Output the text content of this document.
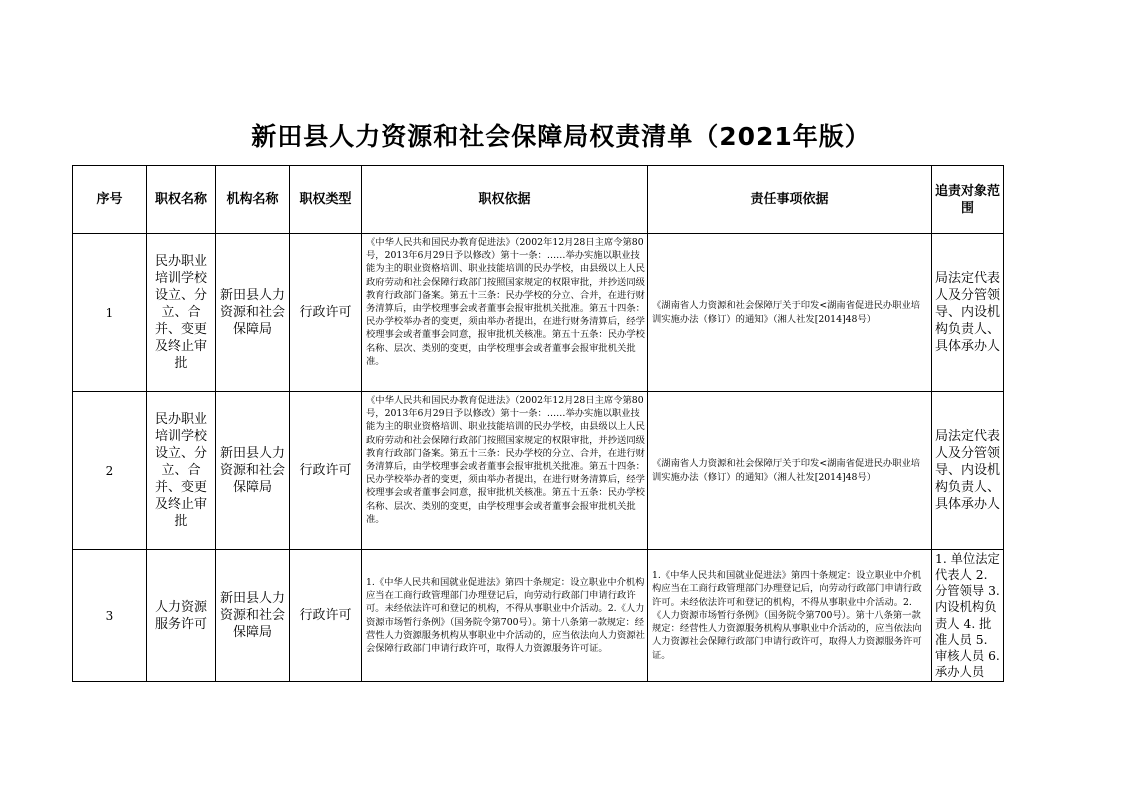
新田县人力资源和社会保障局权责清单（2021年版）
序号	职权名称	机构名称	职权类型	职权依据	责任事项依据	追责对象范围

1	民办职业培训学校设立、分立、合并、变更及终止审批	新田县人力资源和社会保障局	行政许可	《中华人民共和国民办教育促进法》（2002年12月28日主席令第80号，2013年6月29日予以修改）第十一条：……举办实施以职业技能为主的职业资格培训、职业技能培训的民办学校，由县级以上人民政府劳动和社会保障行政部门按照国家规定的权限审批，并抄送同级教育行政部门备案。第五十三条：民办学校的分立、合并，在进行财务清算后，由学校理事会或者董事会报审批机关批准。第五十四条：民办学校举办者的变更，须由举办者提出，在进行财务清算后，经学校理事会或者董事会同意，报审批机关核准。第五十五条：民办学校名称、层次、类别的变更，由学校理事会或者董事会报审批机关批准。	《湖南省人力资源和社会保障厅关于印发<湖南省促进民办职业培训实施办法（修订）的通知》（湘人社发[2014]48号）	局法定代表人及分管领导、内设机构负责人、具体承办人
2	民办职业培训学校设立、分立、合并、变更及终止审批	新田县人力资源和社会保障局	行政许可	《中华人民共和国民办教育促进法》（2002年12月28日主席令第80号，2013年6月29日予以修改）第十一条：……举办实施以职业技能为主的职业资格培训、职业技能培训的民办学校，由县级以上人民政府劳动和社会保障行政部门按照国家规定的权限审批，并抄送同级教育行政部门备案。第五十三条：民办学校的分立、合并，在进行财务清算后，由学校理事会或者董事会报审批机关批准。第五十四条：民办学校举办者的变更，须由举办者提出，在进行财务清算后，经学校理事会或者董事会同意，报审批机关核准。第五十五条：民办学校名称、层次、类别的变更，由学校理事会或者董事会报审批机关批准。	《湖南省人力资源和社会保障厅关于印发<湖南省促进民办职业培训实施办法（修订）的通知》（湘人社发[2014]48号）	局法定代表人及分管领导、内设机构负责人、具体承办人
3	人力资源服务许可	新田县人力资源和社会保障局	行政许可	1.《中华人民共和国就业促进法》第四十条规定：设立职业中介机构应当在工商行政管理部门办理登记后，向劳动行政部门申请行政许可。未经依法许可和登记的机构，不得从事职业中介活动。2.《人力资源市场暂行条例》（国务院令第700号）。第十八条第一款规定：经营性人力资源服务机构从事职业中介活动的，应当依法向人力资源社会保障行政部门申请行政许可，取得人力资源服务许可证。	1.《中华人民共和国就业促进法》第四十条规定：设立职业中介机构应当在工商行政管理部门办理登记后，向劳动行政部门申请行政许可。未经依法许可和登记的机构，不得从事职业中介活动。2.《人力资源市场暂行条例》（国务院令第700号）。第十八条第一款规定：经营性人力资源服务机构从事职业中介活动的，应当依法向人力资源社会保障行政部门申请行政许可，取得人力资源服务许可证。	1. 单位法定代表人 2. 分管领导 3. 内设机构负责人 4. 批准人员 5. 审核人员 6. 承办人员
